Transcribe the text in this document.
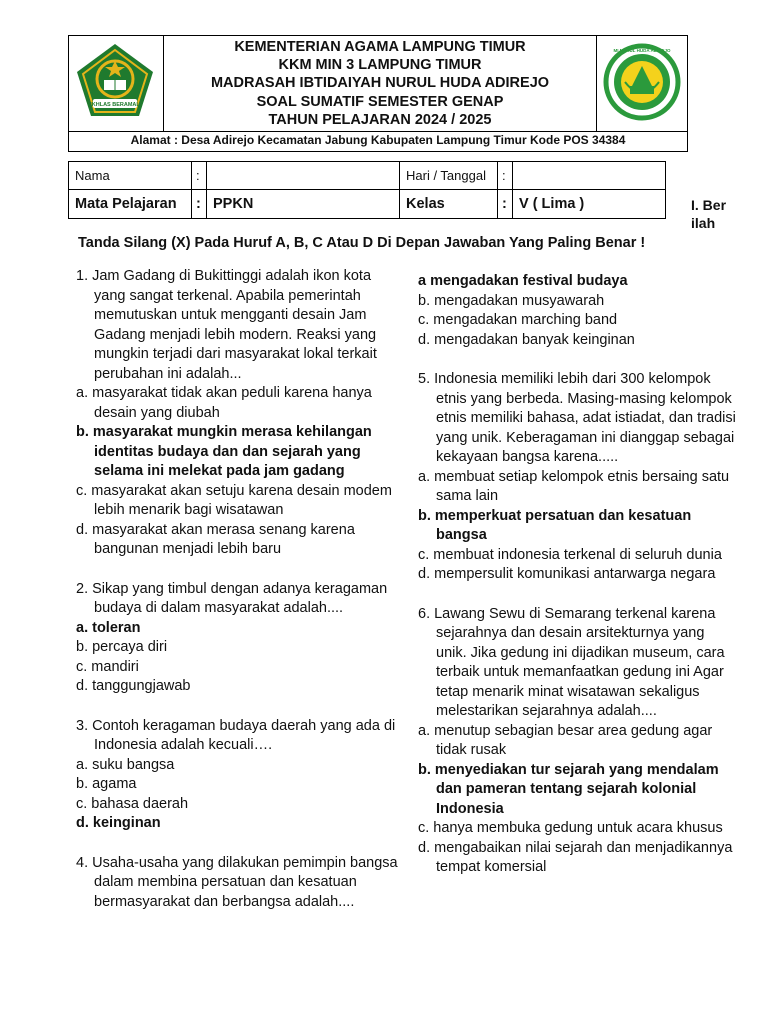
IKHLAS BERAMAL
KEMENTERIAN AGAMA LAMPUNG TIMUR
KKM MIN 3 LAMPUNG TIMUR
MADRASAH IBTIDAIYAH NURUL HUDA ADIREJO
SOAL SUMATIF SEMESTER GENAP
TAHUN PELAJARAN 2024 / 2025
MI NURUL HUDA ADIREJO
Alamat : Desa Adirejo Kecamatan Jabung Kabupaten Lampung Timur Kode POS 34384
Nama	:		Hari / Tanggal	:	
Mata Pelajaran	:	PPKN	Kelas	:	V ( Lima )	I. Ber
ilah
Tanda Silang (X) Pada Huruf A, B, C Atau D Di Depan Jawaban Yang Paling Benar !
1. Jam Gadang di Bukittinggi adalah ikon kota yang sangat terkenal. Apabila pemerintah memutuskan untuk mengganti desain Jam Gadang menjadi lebih modern. Reaksi yang mungkin terjadi dari masyarakat lokal terkait perubahan ini adalah...
a. masyarakat tidak akan peduli karena hanya desain yang diubah
b. masyarakat mungkin merasa kehilangan identitas budaya dan dan sejarah yang selama ini melekat pada jam gadang
c. masyarakat akan setuju karena desain modem lebih menarik bagi wisatawan
d. masyarakat akan merasa senang karena bangunan menjadi lebih baru
2. Sikap yang timbul dengan adanya keragaman budaya di dalam masyarakat adalah....
a. toleran
b. percaya diri
c. mandiri
d. tanggungjawab
3. Contoh keragaman budaya daerah yang ada di Indonesia adalah kecuali….
a. suku bangsa
b. agama
c. bahasa daerah
d. keinginan
4. Usaha-usaha yang dilakukan pemimpin bangsa dalam membina persatuan dan kesatuan bermasyarakat dan berbangsa adalah....
a mengadakan festival budaya
b. mengadakan musyawarah
c. mengadakan marching band
d. mengadakan banyak keinginan
5. Indonesia memiliki lebih dari 300 kelompok etnis yang berbeda. Masing-masing kelompok etnis memiliki bahasa, adat istiadat, dan tradisi yang unik. Keberagaman ini dianggap sebagai kekayaan bangsa karena.....
a. membuat setiap kelompok etnis bersaing satu sama lain
b. memperkuat persatuan dan kesatuan bangsa
c. membuat indonesia terkenal di seluruh dunia
d. mempersulit komunikasi antarwarga negara
6. Lawang Sewu di Semarang terkenal karena sejarahnya dan desain arsitekturnya yang unik. Jika gedung ini dijadikan museum, cara terbaik untuk memanfaatkan gedung ini Agar tetap menarik minat wisatawan sekaligus melestarikan sejarahnya adalah....
a. menutup sebagian besar area gedung agar tidak rusak
b. menyediakan tur sejarah yang mendalam dan pameran tentang sejarah kolonial Indonesia
c. hanya membuka gedung untuk acara khusus
d. mengabaikan nilai sejarah dan menjadikannya tempat komersial
